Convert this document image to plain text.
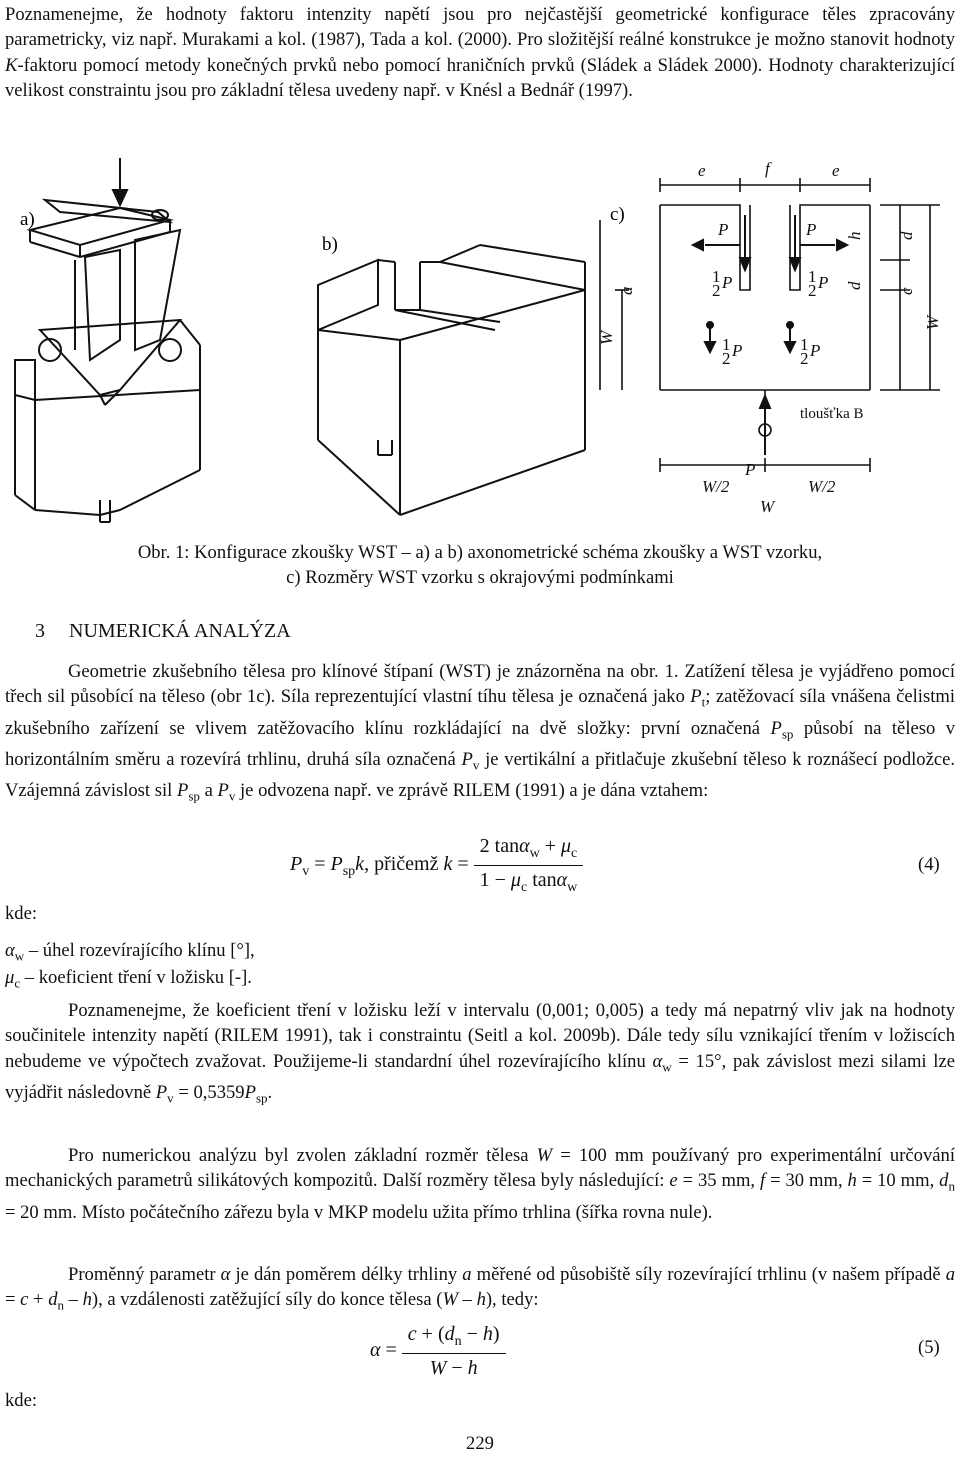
Poznamenejme, že hodnoty faktoru intenzity napětí jsou pro nejčastější geometrické konfigurace těles zpracovány parametricky, viz např. Murakami a kol. (1987), Tada a kol. (2000). Pro složitější reálné konstrukce je možno stanovit hodnoty K-faktoru pomocí metody konečných prvků nebo pomocí hraničních prvků (Sládek a Sládek 2000). Hodnoty charakterizující velikost constraintu jsou pro základní tělesa uvedeny např. v Knésl a Bednář (1997).

a)
b)
c)
e	f	e
P	P
1
2 P	1
2 P
1
2 P	1
2 P
P
W/2	W/2
W
tloušťka B
a
W
h
d
d
c
W
Obr. 1: Konfigurace zkoušky WST – a) a b) axonometrické schéma zkoušky a WST vzorku,
c) Rozměry WST vzorku s okrajovými podmínkami
3 NUMERICKÁ ANALÝZA

Geometrie zkušebního tělesa pro klínové štípaní (WST) je znázorněna na obr. 1. Zatížení tělesa je vyjádřeno pomocí třech sil působící na těleso (obr 1c). Síla reprezentující vlastní tíhu tělesa je označená jako $P_t$; zatěžovací síla vnášena čelistmi zkušebního zařízení se vlivem zatěžovacího klínu rozkládající na dvě složky: první označená $P_{sp}$ působí na těleso v horizontálním směru a rozevírá trhlinu, druhá síla označená $P_v$ je vertikální a přitlačuje zkušební těleso k roznášecí podložce. Vzájemná závislost sil $P_{sp}$ a $P_v$ je odvozena např. ve zprávě RILEM (1991) a je dána vztahem:

$P_v = P_{sp}k$, přičemž $k = \frac{2 \tan\alpha_w + \mu_c}{1 - \mu_c \tan\alpha_w}$	(4)
kde:
$\alpha_w$ – úhel rozevírajícího klínu [°],
$\mu_c$ – koeficient tření v ložisku [-].

Poznamenejme, že koeficient tření v ložisku leží v intervalu (0,001; 0,005) a tedy má nepatrný vliv jak na hodnoty součinitele intenzity napětí (RILEM 1991), tak i constraintu (Seitl a kol. 2009b). Dále tedy sílu vznikající třením v ložiscích nebudeme ve výpočtech zvažovat. Použijeme-li standardní úhel rozevírajícího klínu $\alpha_w = 15^\circ$, pak závislost mezi silami lze vyjádřit následovně $P_v = 0,5359P_{sp}$.

Pro numerickou analýzu byl zvolen základní rozměr tělesa W = 100 mm používaný pro experimentální určování mechanických parametrů silikátových kompozitů. Další rozměry tělesa byly následující: e = 35 mm, f = 30 mm, h = 10 mm, $d_n = 20$ mm. Místo počátečního zářezu byla v MKP modelu užita přímo trhlina (šířka rovna nule).

Proměnný parametr α je dán poměrem délky trhliny a měřené od působiště síly rozevírající trhlinu (v našem případě $a = c + d_n - h$), a vzdálenosti zatěžující síly do konce tělesa (W – h), tedy:

$\alpha = \frac{c + (d_n - h)}{W - h}$	(5)
kde:
229
